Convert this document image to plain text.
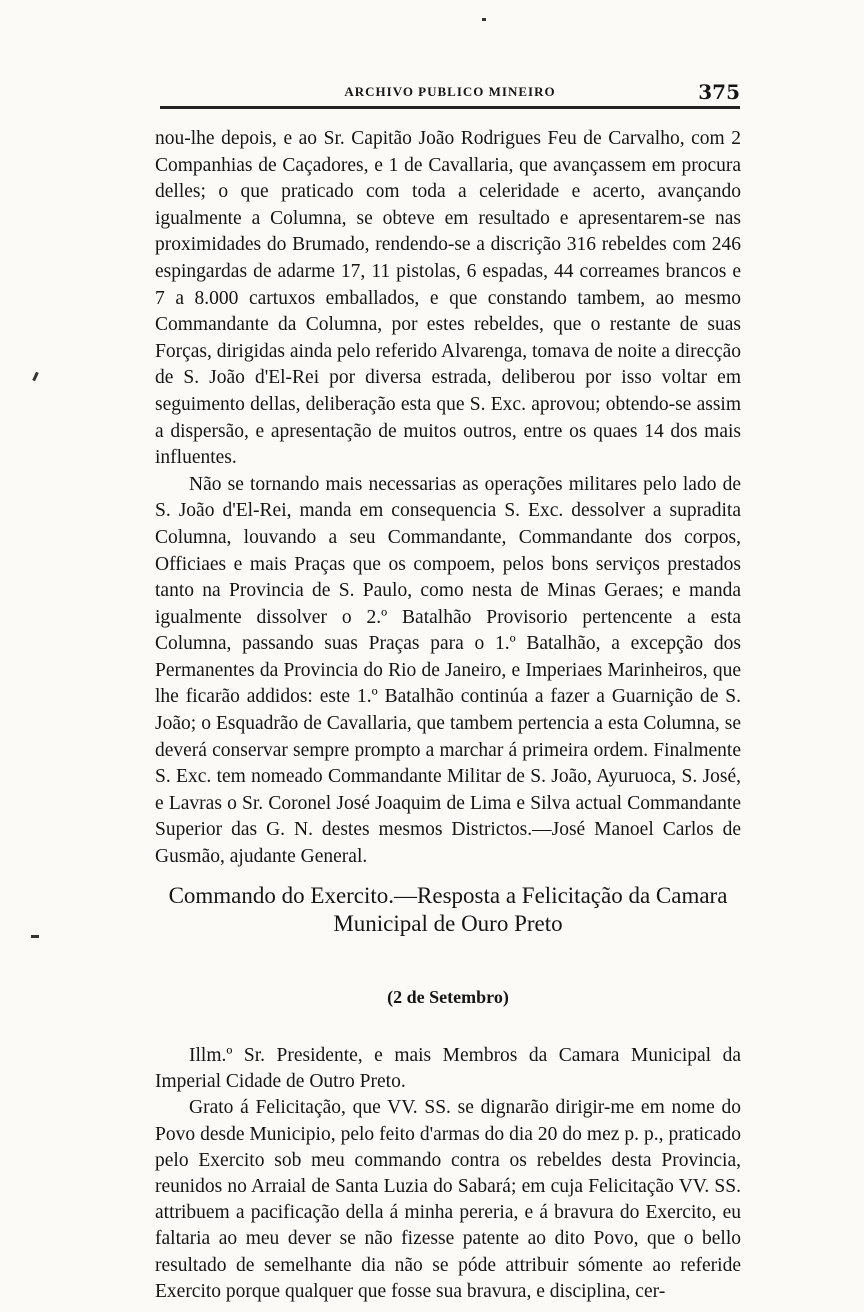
ARCHIVO PUBLICO MINEIRO	375

nou-lhe depois, e ao Sr. Capitão João Rodrigues Feu de Carvalho, com 2 Companhias de Caçadores, e 1 de Cavallaria, que avançassem em procura delles; o que praticado com toda a celeridade e acerto, avançando igualmente a Columna, se obteve em resultado e apresentarem-se nas proximidades do Brumado, rendendo-se a discrição 316 rebeldes com 246 espingardas de adarme 17, 11 pistolas, 6 espadas, 44 correames brancos e 7 a 8.000 cartuxos emballados, e que constando tambem, ao mesmo Commandante da Columna, por estes rebeldes, que o restante de suas Forças, dirigidas ainda pelo referido Alvarenga, tomava de noite a direcção de S. João d'El-Rei por diversa estrada, deliberou por isso voltar em seguimento dellas, deliberação esta que S. Exc. aprovou; obtendo-se assim a dispersão, e apresentação de muitos outros, entre os quaes 14 dos mais influentes.

Não se tornando mais necessarias as operações militares pelo lado de S. João d'El-Rei, manda em consequencia S. Exc. dessolver a supradita Columna, louvando a seu Commandante, Commandante dos corpos, Officiaes e mais Praças que os compoem, pelos bons serviços prestados tanto na Provincia de S. Paulo, como nesta de Minas Geraes; e manda igualmente dissolver o 2.º Batalhão Provisorio pertencente a esta Columna, passando suas Praças para o 1.º Batalhão, a excepção dos Permanentes da Provincia do Rio de Janeiro, e Imperiaes Marinheiros, que lhe ficarão addidos: este 1.º Batalhão continúa a fazer a Guarnição de S. João; o Esquadrão de Cavallaria, que tambem pertencia a esta Columna, se deverá conservar sempre prompto a marchar á primeira ordem. Finalmente S. Exc. tem nomeado Commandante Militar de S. João, Ayuruoca, S. José, e Lavras o Sr. Coronel José Joaquim de Lima e Silva actual Commandante Superior das G. N. destes mesmos Districtos.—José Manoel Carlos de Gusmão, ajudante General.

Commando do Exercito.—Resposta a Felicitação da Camara
Municipal de Ouro Preto
(2 de Setembro)

Illm.º Sr. Presidente, e mais Membros da Camara Municipal da Imperial Cidade de Outro Preto.

Grato á Felicitação, que VV. SS. se dignarão dirigir-me em nome do Povo desde Municipio, pelo feito d'armas do dia 20 do mez p. p., praticado pelo Exercito sob meu commando contra os rebeldes desta Provincia, reunidos no Arraial de Santa Luzia do Sabará; em cuja Felicitação VV. SS. attribuem a pacificação della á minha pereria, e á bravura do Exercito, eu faltaria ao meu dever se não fizesse patente ao dito Povo, que o bello resultado de semelhante dia não se póde attribuir sómente ao referide Exercito porque qualquer que fosse sua bravura, e disciplina, cer-
